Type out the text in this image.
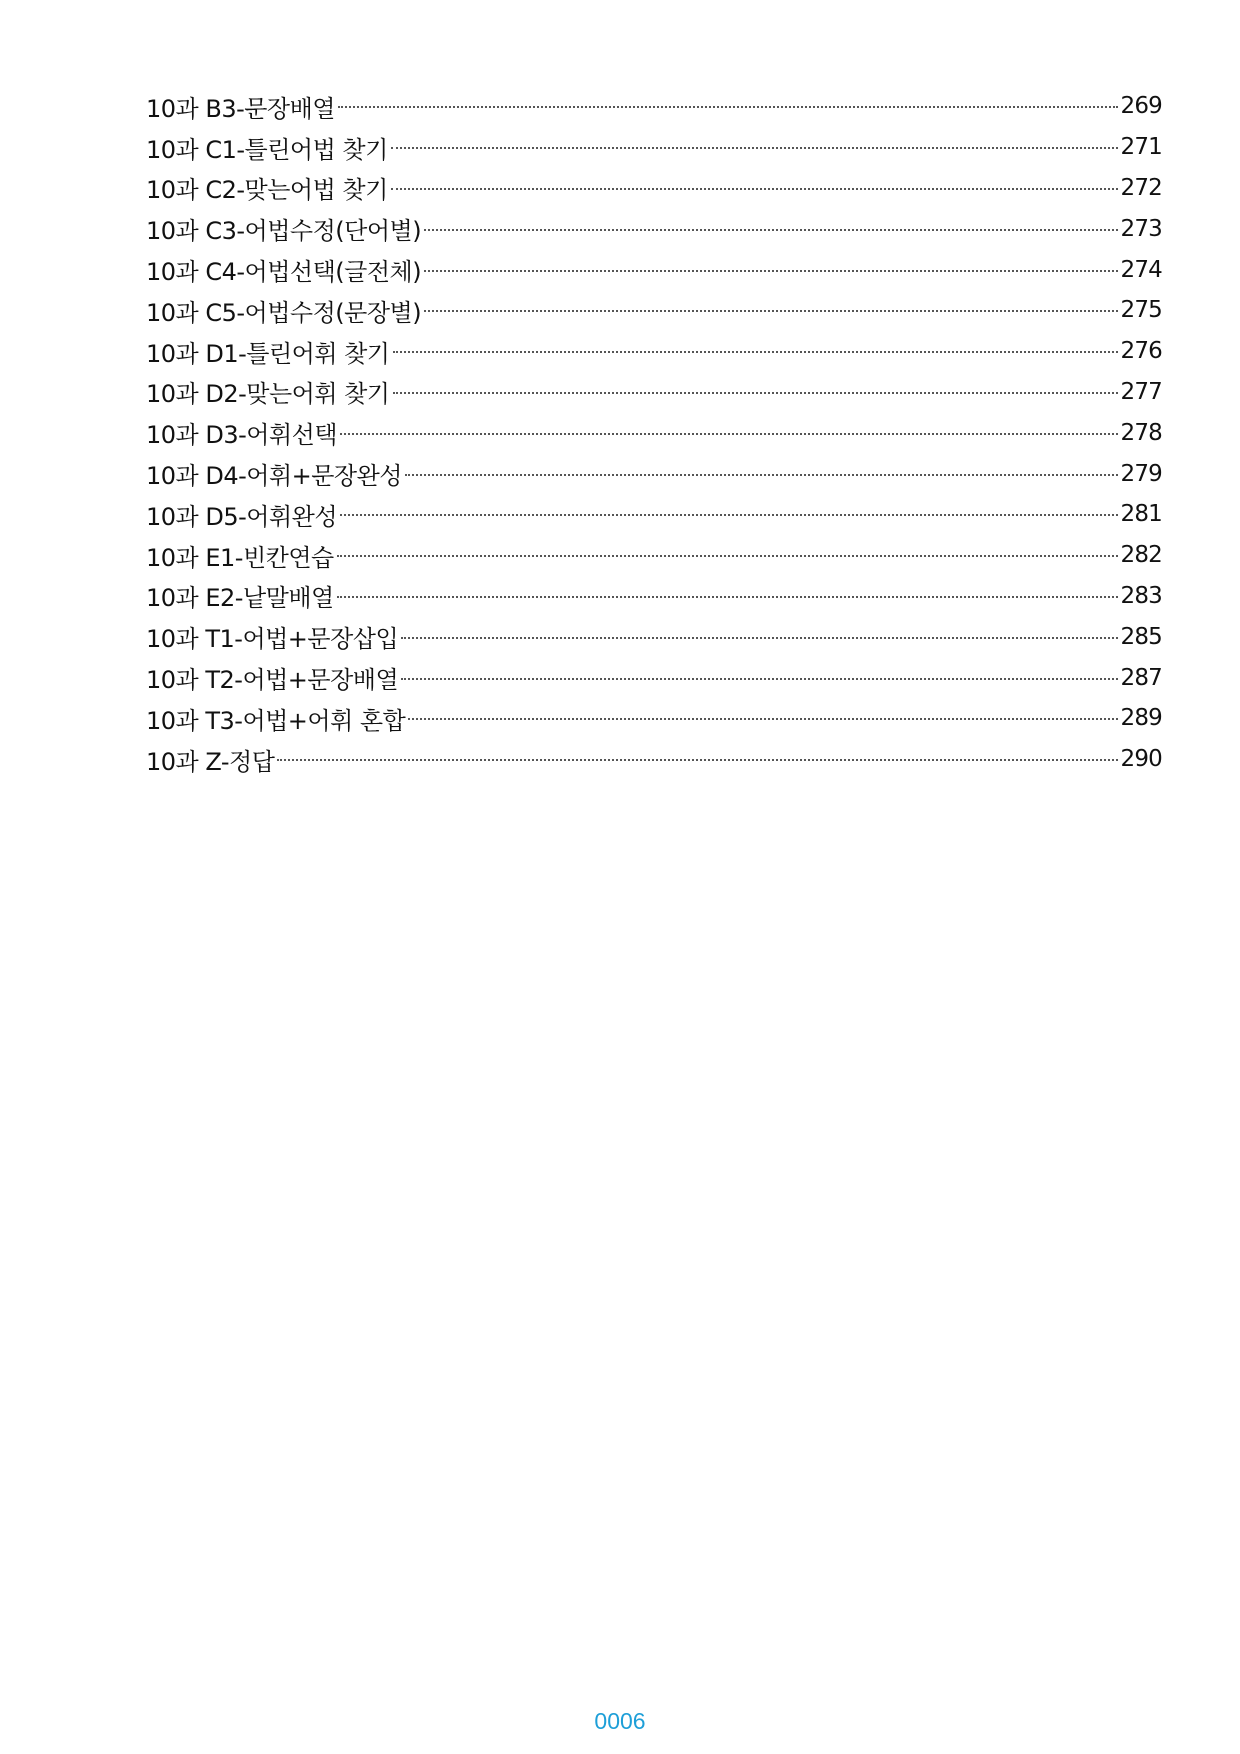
10과 B3-문장배열	269
10과 C1-틀린어법 찾기	271
10과 C2-맞는어법 찾기	272
10과 C3-어법수정(단어별)	273
10과 C4-어법선택(글전체)	274
10과 C5-어법수정(문장별)	275
10과 D1-틀린어휘 찾기	276
10과 D2-맞는어휘 찾기	277
10과 D3-어휘선택	278
10과 D4-어휘+문장완성	279
10과 D5-어휘완성	281
10과 E1-빈칸연습	282
10과 E2-낱말배열	283
10과 T1-어법+문장삽입	285
10과 T2-어법+문장배열	287
10과 T3-어법+어휘 혼합	289
10과 Z-정답	290
0006
